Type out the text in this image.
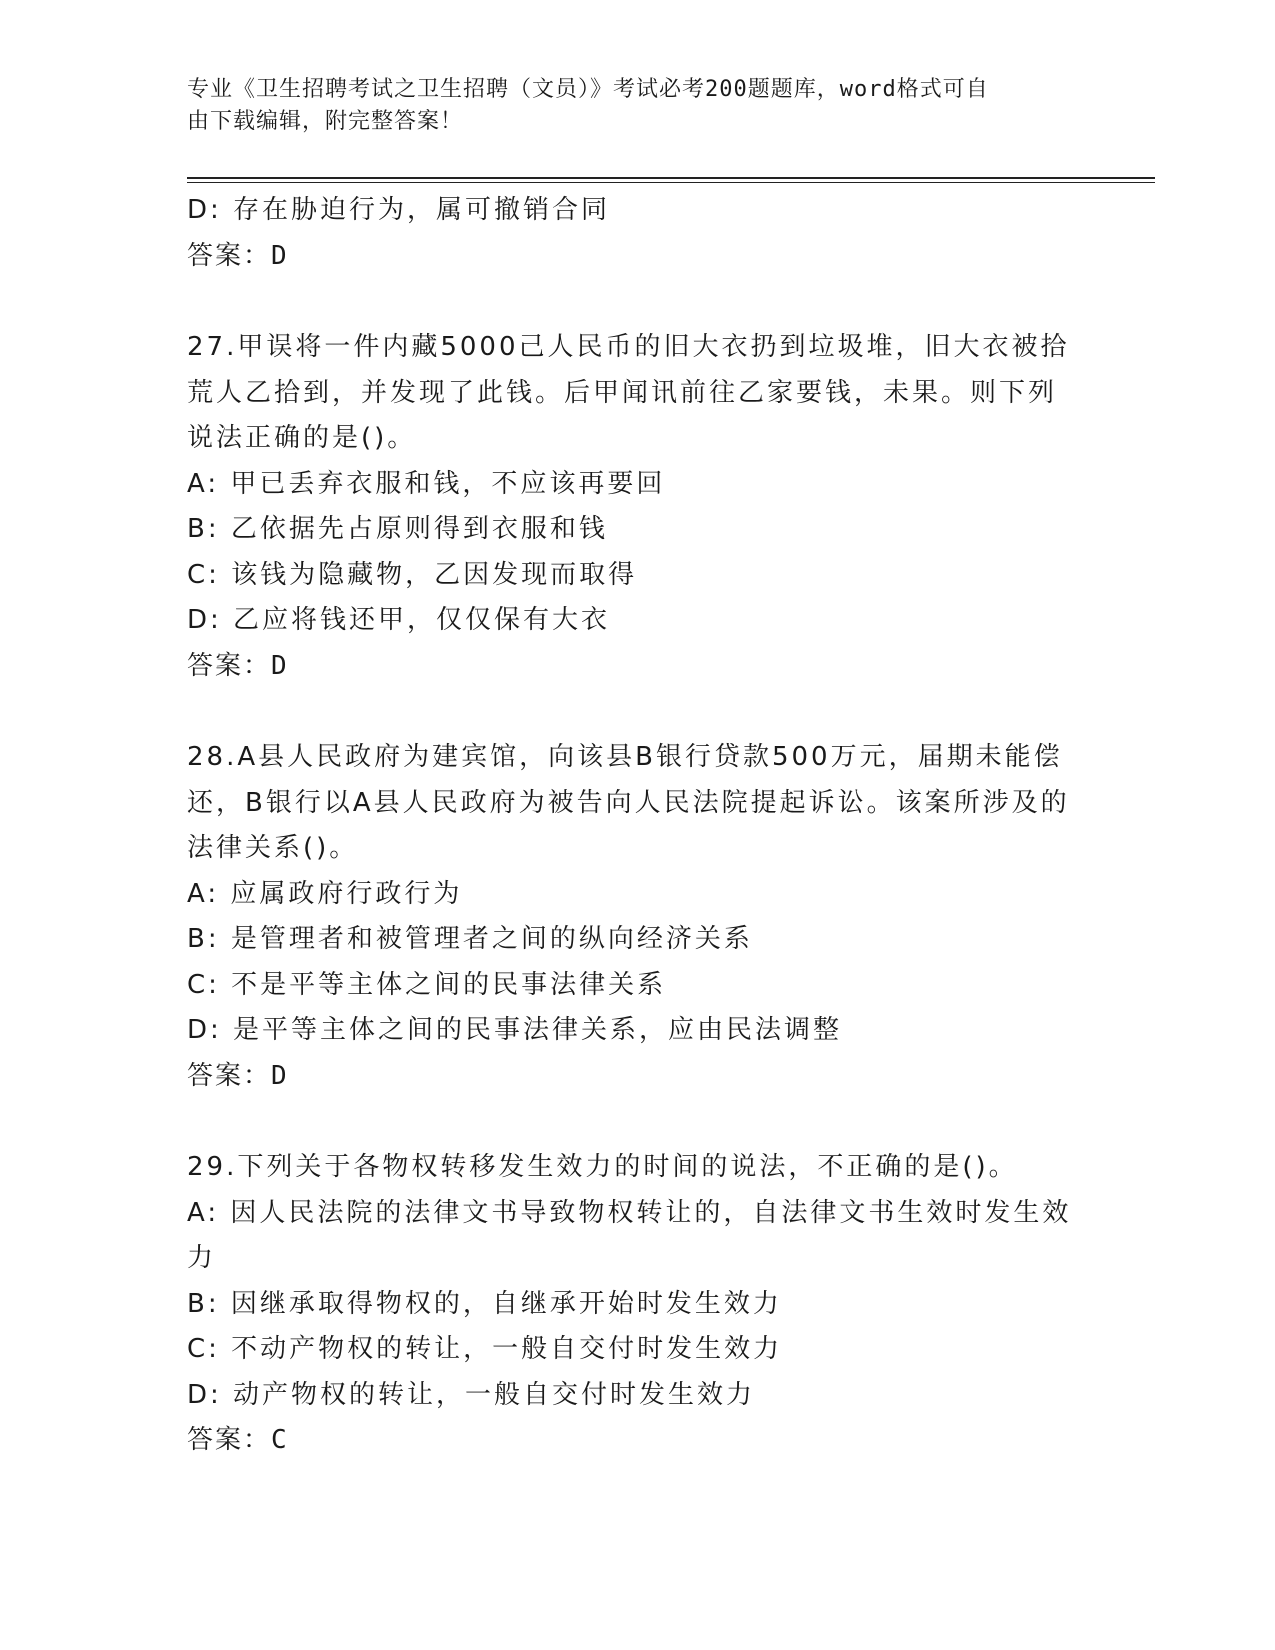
专业《卫生招聘考试之卫生招聘（文员）》考试必考200题题库，word格式可自
由下载编辑，附完整答案！
D: 存在胁迫行为，属可撤销合同
答案：D
27.甲误将一件内藏5000己人民币的旧大衣扔到垃圾堆，旧大衣被拾
荒人乙拾到，并发现了此钱。后甲闻讯前往乙家要钱，未果。则下列
说法正确的是()。
A: 甲已丢弃衣服和钱，不应该再要回
B: 乙依据先占原则得到衣服和钱
C: 该钱为隐藏物，乙因发现而取得
D: 乙应将钱还甲，仅仅保有大衣
答案：D
28.A县人民政府为建宾馆，向该县B银行贷款500万元，届期未能偿
还，B银行以A县人民政府为被告向人民法院提起诉讼。该案所涉及的
法律关系()。
A: 应属政府行政行为
B: 是管理者和被管理者之间的纵向经济关系
C: 不是平等主体之间的民事法律关系
D: 是平等主体之间的民事法律关系，应由民法调整
答案：D
29.下列关于各物权转移发生效力的时间的说法，不正确的是()。
A: 因人民法院的法律文书导致物权转让的，自法律文书生效时发生效
力
B: 因继承取得物权的，自继承开始时发生效力
C: 不动产物权的转让，一般自交付时发生效力
D: 动产物权的转让，一般自交付时发生效力
答案：C
